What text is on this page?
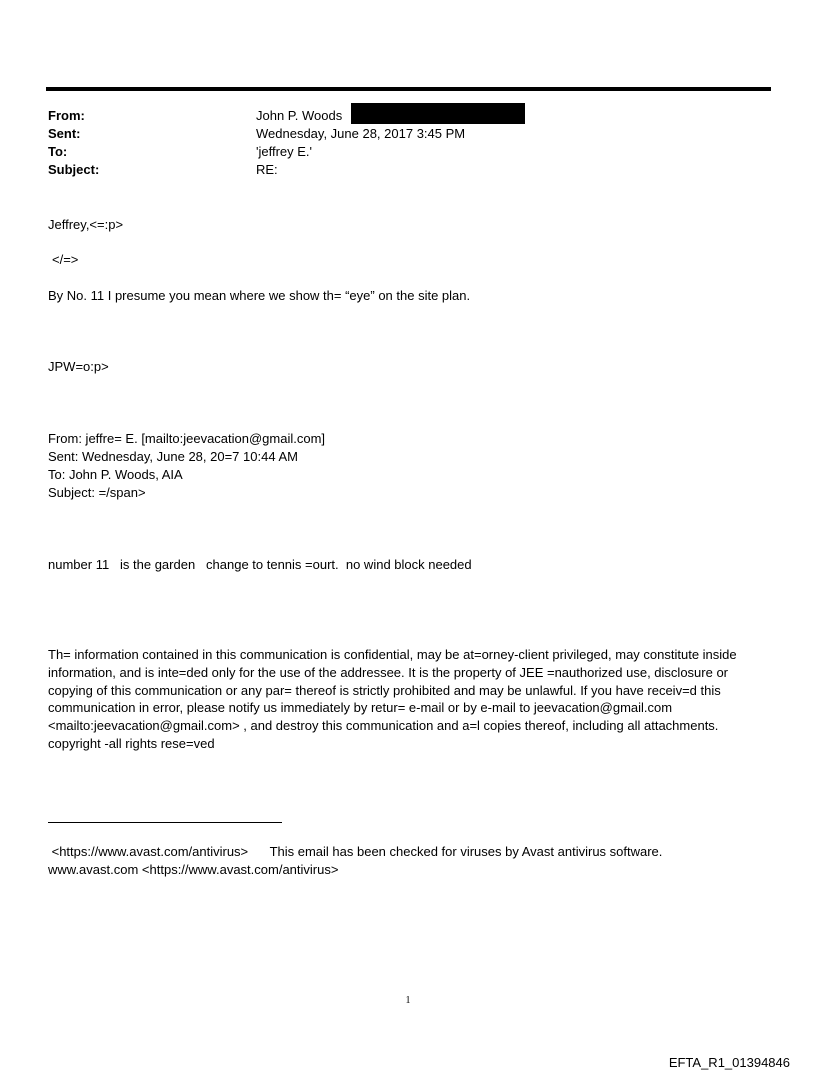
From:	John P. Woods
Sent:	Wednesday, June 28, 2017 3:45 PM
To:	'jeffrey E.'
Subject:	RE:
Jeffrey,<=:p>
</=>
By No. 11 I presume you mean where we show th= “eye” on the site plan.
JPW=o:p>
From: jeffre= E. [mailto:jeevacation@gmail.com]
Sent: Wednesday, June 28, 20=7 10:44 AM
To: John P. Woods, AIA
Subject: =/span>
number 11   is the garden   change to tennis =ourt.  no wind block needed
Th= information contained in this communication is confidential, may be at=orney-client privileged, may constitute inside information, and is inte=ded only for the use of the addressee. It is the property of JEE =nauthorized use, disclosure or copying of this communication or any par= thereof is strictly prohibited and may be unlawful. If you have receiv=d this communication in error, please notify us immediately by retur= e-mail or by e-mail to jeevacation@gmail.com <mailto:jeevacation@gmail.com> , and destroy this communication and a=l copies thereof, including all attachments. copyright -all rights rese=ved
<https://www.avast.com/antivirus>      This email has been checked for viruses by Avast antivirus software.
www.avast.com <https://www.avast.com/antivirus>
1
EFTA_R1_01394846
